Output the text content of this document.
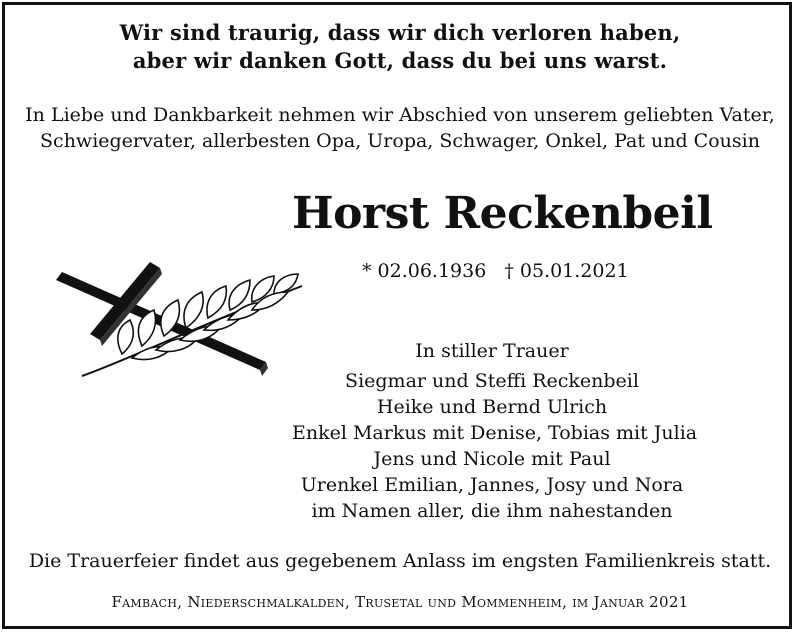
Wir sind traurig, dass wir dich verloren haben,
aber wir danken Gott, dass du bei uns warst.
In Liebe und Dankbarkeit nehmen wir Abschied von unserem geliebten Vater,
Schwiegervater, allerbesten Opa, Uropa, Schwager, Onkel, Pat und Cousin
Horst Reckenbeil
* 02.06.1936 † 05.01.2021
In stiller Trauer
Siegmar und Steffi Reckenbeil
Heike und Bernd Ulrich
Enkel Markus mit Denise, Tobias mit Julia
Jens und Nicole mit Paul
Urenkel Emilian, Jannes, Josy und Nora
im Namen aller, die ihm nahestanden
Die Trauerfeier findet aus gegebenem Anlass im engsten Familienkreis statt.
Fambach, Niederschmalkalden, Trusetal und Mommenheim, im Januar 2021
